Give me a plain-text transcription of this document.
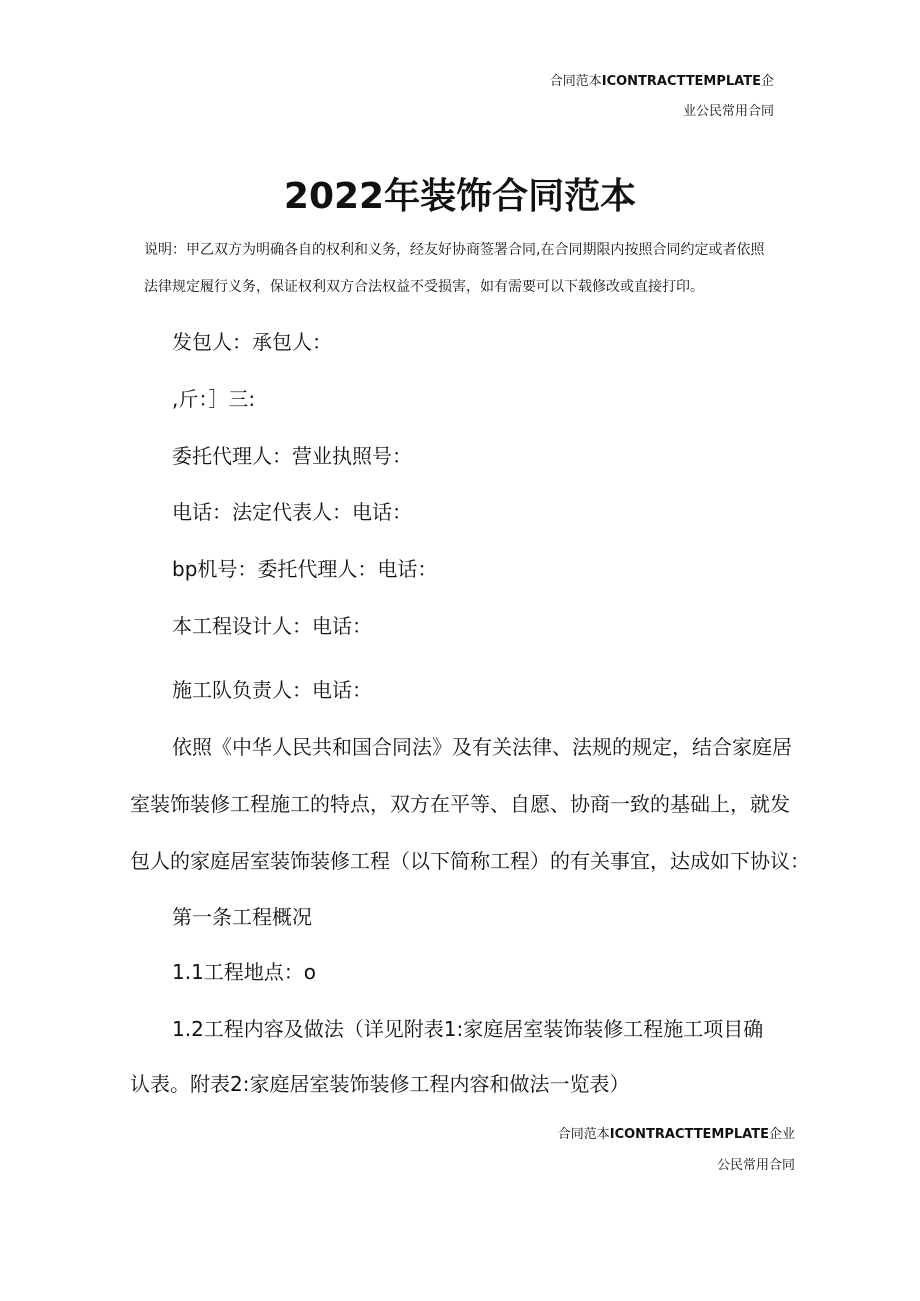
合同范本ICONTRACTTEMPLATE企
业公民常用合同
2022年装饰合同范本
说明：甲乙双方为明确各自的权利和义务，经友好协商签署合同,在合同期限内按照合同约定或者依照
法律规定履行义务，保证权利双方合法权益不受损害，如有需要可以下载修改或直接打印。
发包人：承包人：
,斤：］三:
委托代理人：营业执照号：
电话：法定代表人：电话：
bp机号：委托代理人：电话：
本工程设计人：电话：
施工队负责人：电话：
依照《中华人民共和国合同法》及有关法律、法规的规定，结合家庭居
室装饰装修工程施工的特点，双方在平等、自愿、协商一致的基础上，就发
包人的家庭居室装饰装修工程（以下简称工程）的有关事宜，达成如下协议：
第一条工程概况
1.1工程地点：o
1.2工程内容及做法（详见附表1:家庭居室装饰装修工程施工项目确
认表。附表2:家庭居室装饰装修工程内容和做法一览表）
合同范本ICONTRACTTEMPLATE企业
公民常用合同
